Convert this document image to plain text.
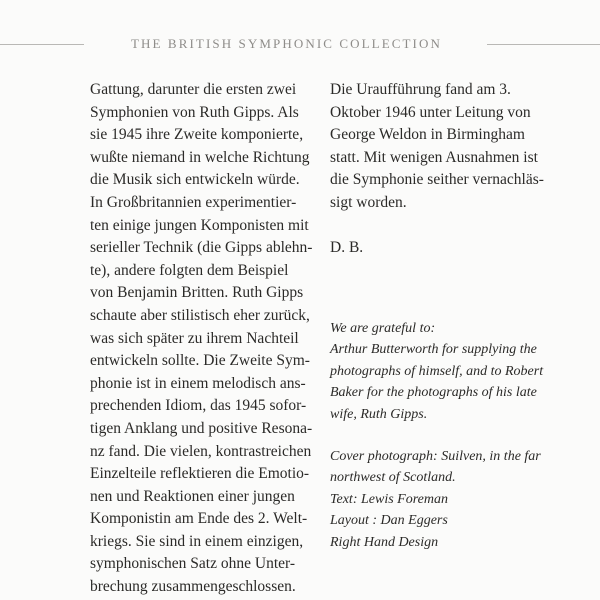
THE BRITISH SYMPHONIC COLLECTION
Gattung, darunter die ersten zwei
Symphonien von Ruth Gipps. Als
sie 1945 ihre Zweite komponierte,
wußte niemand in welche Richtung
die Musik sich entwickeln würde.
In Großbritannien experimentier-
ten einige jungen Komponisten mit
serieller Technik (die Gipps ablehn-
te), andere folgten dem Beispiel
von Benjamin Britten. Ruth Gipps
schaute aber stilistisch eher zurück,
was sich später zu ihrem Nachteil
entwickeln sollte. Die Zweite Sym-
phonie ist in einem melodisch ans-
prechenden Idiom, das 1945 sofor-
tigen Anklang und positive Resona-
nz fand. Die vielen, kontrastreichen
Einzelteile reflektieren die Emotio-
nen und Reaktionen einer jungen
Komponistin am Ende des 2. Welt-
kriegs. Sie sind in einem einzigen,
symphonischen Satz ohne Unter-
brechung zusammengeschlossen.
Die Uraufführung fand am 3.
Oktober 1946 unter Leitung von
George Weldon in Birmingham
statt. Mit wenigen Ausnahmen ist
die Symphonie seither vernachläs-
sigt worden.
D. B.
We are grateful to:
Arthur Butterworth for supplying the
photographs of himself, and to Robert
Baker for the photographs of his late
wife, Ruth Gipps.
Cover photograph: Suilven, in the far
northwest of Scotland.
Text: Lewis Foreman
Layout : Dan Eggers
Right Hand Design
